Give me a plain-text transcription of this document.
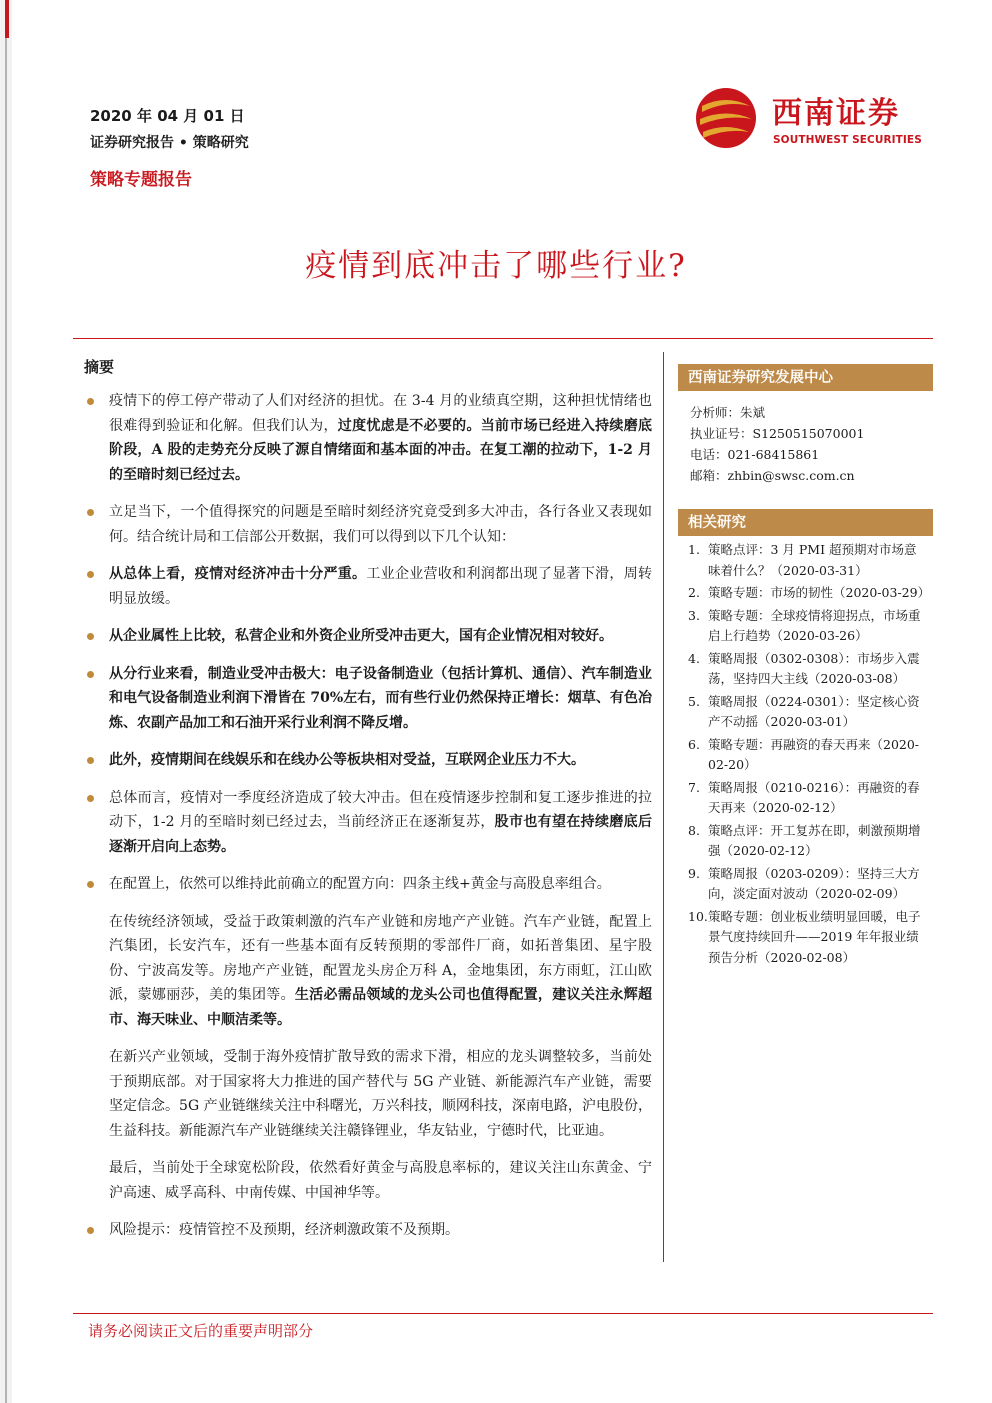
2020 年 04 月 01 日
证券研究报告 • 策略研究
策略专题报告
西南证券
SOUTHWEST SECURITIES
疫情到底冲击了哪些行业?
摘要
疫情下的停工停产带动了人们对经济的担忧。在 3-4 月的业绩真空期，这种担忧情绪也很难得到验证和化解。但我们认为，过度忧虑是不必要的。当前市场已经进入持续磨底阶段，A 股的走势充分反映了源自情绪面和基本面的冲击。在复工潮的拉动下，1-2 月的至暗时刻已经过去。
立足当下，一个值得探究的问题是至暗时刻经济究竟受到多大冲击，各行各业又表现如何。结合统计局和工信部公开数据，我们可以得到以下几个认知：
从总体上看，疫情对经济冲击十分严重。工业企业营收和利润都出现了显著下滑，周转明显放缓。
从企业属性上比较，私营企业和外资企业所受冲击更大，国有企业情况相对较好。
从分行业来看，制造业受冲击极大：电子设备制造业（包括计算机、通信）、汽车制造业和电气设备制造业利润下滑皆在 70%左右，而有些行业仍然保持正增长：烟草、有色冶炼、农副产品加工和石油开采行业利润不降反增。
此外，疫情期间在线娱乐和在线办公等板块相对受益，互联网企业压力不大。
总体而言，疫情对一季度经济造成了较大冲击。但在疫情逐步控制和复工逐步推进的拉动下，1-2 月的至暗时刻已经过去，当前经济正在逐渐复苏，股市也有望在持续磨底后逐渐开启向上态势。
在配置上，依然可以维持此前确立的配置方向：四条主线+黄金与高股息率组合。
在传统经济领域，受益于政策刺激的汽车产业链和房地产产业链。汽车产业链，配置上汽集团，长安汽车，还有一些基本面有反转预期的零部件厂商，如拓普集团、星宇股份、宁波高发等。房地产产业链，配置龙头房企万科 A，金地集团，东方雨虹，江山欧派，蒙娜丽莎，美的集团等。生活必需品领域的龙头公司也值得配置，建议关注永辉超市、海天味业、中顺洁柔等。
在新兴产业领域，受制于海外疫情扩散导致的需求下滑，相应的龙头调整较多，当前处于预期底部。对于国家将大力推进的国产替代与 5G 产业链、新能源汽车产业链，需要坚定信念。5G 产业链继续关注中科曙光，万兴科技，顺网科技，深南电路，沪电股份，生益科技。新能源汽车产业链继续关注赣锋锂业，华友钴业，宁德时代，比亚迪。
最后，当前处于全球宽松阶段，依然看好黄金与高股息率标的，建议关注山东黄金、宁沪高速、威孚高科、中南传媒、中国神华等。
风险提示：疫情管控不及预期，经济刺激政策不及预期。
西南证券研究发展中心
分析师：朱斌
执业证号：S1250515070001
电话：021-68415861
邮箱：zhbin@swsc.com.cn
相关研究
1. 策略点评：3 月 PMI 超预期对市场意味着什么？（2020-03-31）
2. 策略专题：市场的韧性（2020-03-29）
3. 策略专题：全球疫情将迎拐点，市场重启上行趋势（2020-03-26）
4. 策略周报（0302-0308）：市场步入震荡，坚持四大主线（2020-03-08）
5. 策略周报（0224-0301）：坚定核心资产不动摇（2020-03-01）
6. 策略专题：再融资的春天再来（2020-02-20）
7. 策略周报（0210-0216）：再融资的春天再来（2020-02-12）
8. 策略点评：开工复苏在即，刺激预期增强（2020-02-12）
9. 策略周报（0203-0209）：坚持三大方向，淡定面对波动（2020-02-09）
10. 策略专题：创业板业绩明显回暖，电子景气度持续回升——2019 年年报业绩预告分析（2020-02-08）
请务必阅读正文后的重要声明部分
